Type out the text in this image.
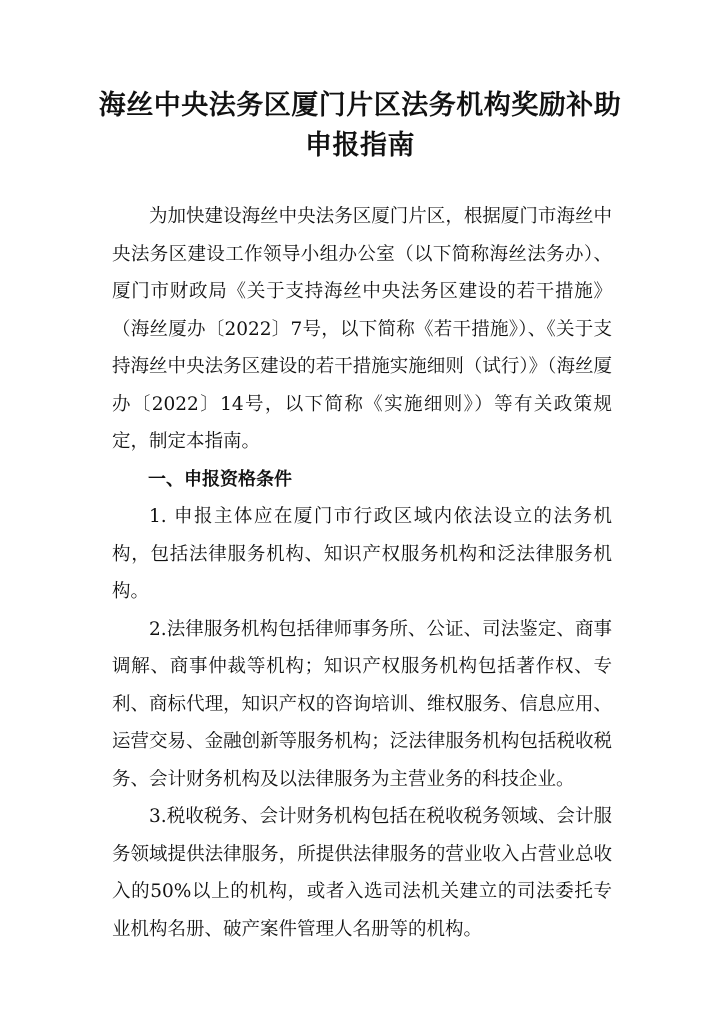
海丝中央法务区厦门片区法务机构奖励补助
申报指南

为加快建设海丝中央法务区厦门片区，根据厦门市海丝中央法务区建设工作领导小组办公室（以下简称海丝法务办）、厦门市财政局《关于支持海丝中央法务区建设的若干措施》（海丝厦办〔2022〕7号，以下简称《若干措施》）、《关于支持海丝中央法务区建设的若干措施实施细则（试行）》（海丝厦办〔2022〕14号，以下简称《实施细则》）等有关政策规定，制定本指南。

一、申报资格条件

1. 申报主体应在厦门市行政区域内依法设立的法务机构，包括法律服务机构、知识产权服务机构和泛法律服务机构。

2.法律服务机构包括律师事务所、公证、司法鉴定、商事调解、商事仲裁等机构；知识产权服务机构包括著作权、专利、商标代理，知识产权的咨询培训、维权服务、信息应用、运营交易、金融创新等服务机构；泛法律服务机构包括税收税务、会计财务机构及以法律服务为主营业务的科技企业。

3.税收税务、会计财务机构包括在税收税务领域、会计服务领域提供法律服务，所提供法律服务的营业收入占营业总收入的50%以上的机构，或者入选司法机关建立的司法委托专业机构名册、破产案件管理人名册等的机构。
